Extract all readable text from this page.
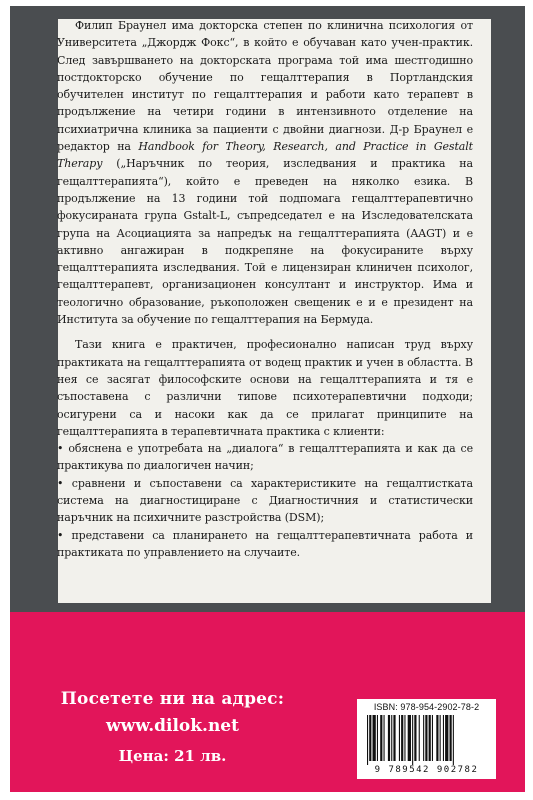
Посетете ни на адрес:
www.dilok.net
Цена: 21 лв.
ISBN: 978-954-2902-78-2
9 789542 902782

Филип Браунел има докторска степен по клинична психология от Университета „Джордж Фокс“, в който е обучаван като учен-практик. След завършването на докторската програма той има шестгодишно постдокторско обучение по гещалттерапия в Портландския обучителен институт по гещалттерапия и работи като терапевт в продължение на четири години в интензивното отделение на психиатрична клиника за пациенти с двойни диагнози. Д-р Браунел е редактор на Handbook for Theory, Research, and Practice in Gestalt Therapy („Наръчник по теория, изследвания и практика на гещалттерапията“), който е преведен на няколко езика. В продължение на 13 години той подпомага гещалттерапевтично фокусираната група Gstalt-L, съпредседател е на Изследователската група на Асоциацията за напредък на гещалттерапията (AAGT) и е активно ангажиран в подкрепяне на фокусираните върху гещалттерапията изследвания. Той е лицензиран клиничен психолог, гещалттерапевт, организационен консултант и инструктор. Има и теологично образование, ръкоположен свещеник е и е президент на Института за обучение по гещалттерапия на Бермуда.

Тази книга е практичен, професионално написан труд върху практиката на гещалттерапията от водещ практик и учен в областта. В нея се засягат философските основи на гещалттерапията и тя е съпоставена с различни типове психотерапевтични подходи; осигурени са и насоки как да се прилагат принципите на гещалттерапията в терапевтичната практика с клиенти:

• обяснена е употребата на „диалога“ в гещалттерапията и как да се практикува по диалогичен начин;

• сравнени и съпоставени са характеристиките на гещалтистката система на диагностициране с Диагностичния и статистически наръчник на психичните разстройства (DSM);

• представени са планирането на гещалттерапевтичната работа и практиката по управлението на случаите.
